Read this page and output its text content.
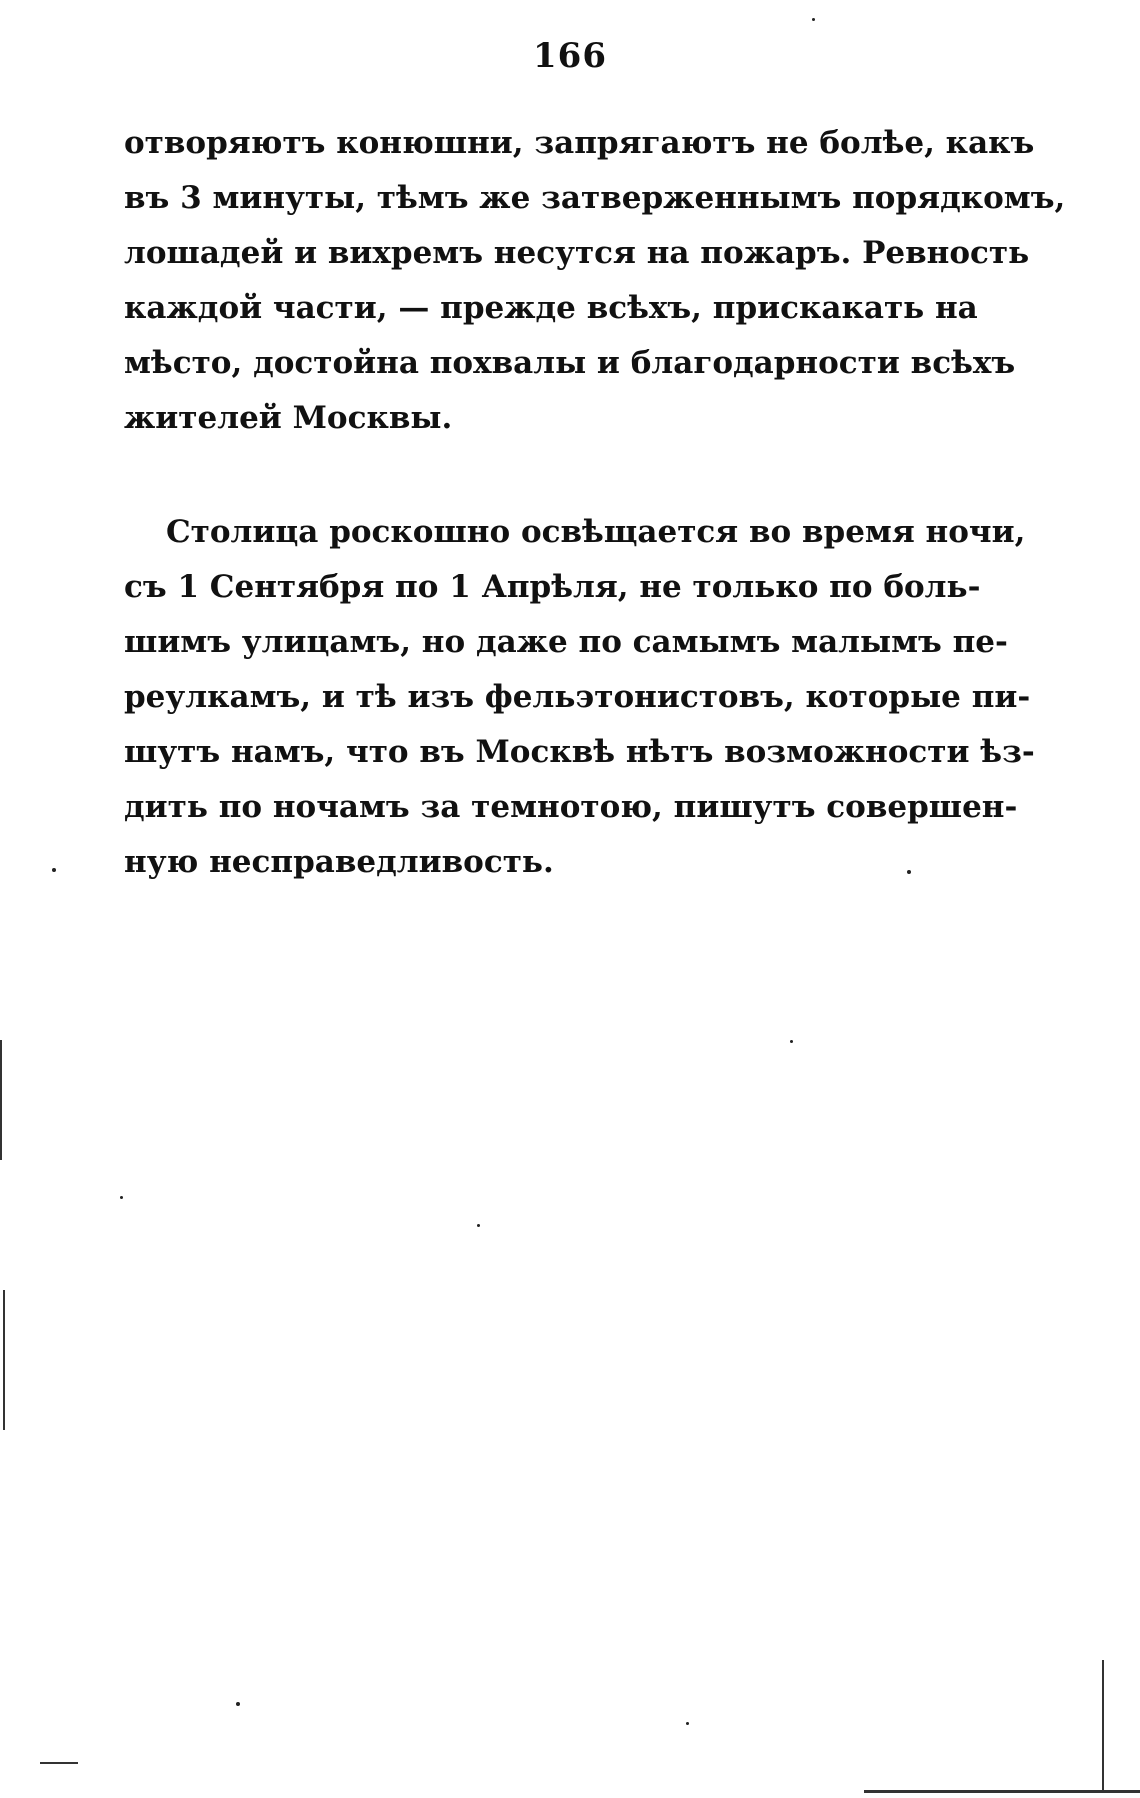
166
отворяютъ конюшни, запрягаютъ не болѣе, какъ
въ 3 минуты, тѣмъ же затверженнымъ порядкомъ,
лошадей и вихремъ несутся на пожаръ. Ревность
каждой части, — прежде всѣхъ, прискакать на
мѣсто, достойна похвалы и благодарности всѣхъ
жителей Москвы.
Столица роскошно освѣщается во время ночи,
съ 1 Сентября по 1 Апрѣля, не только по боль-
шимъ улицамъ, но даже по самымъ малымъ пе-
реулкамъ, и тѣ изъ фельэтонистовъ, которые пи-
шутъ намъ, что въ Москвѣ нѣтъ возможности ѣз-
дить по ночамъ за темнотою, пишутъ совершен-
ную несправедливость.
